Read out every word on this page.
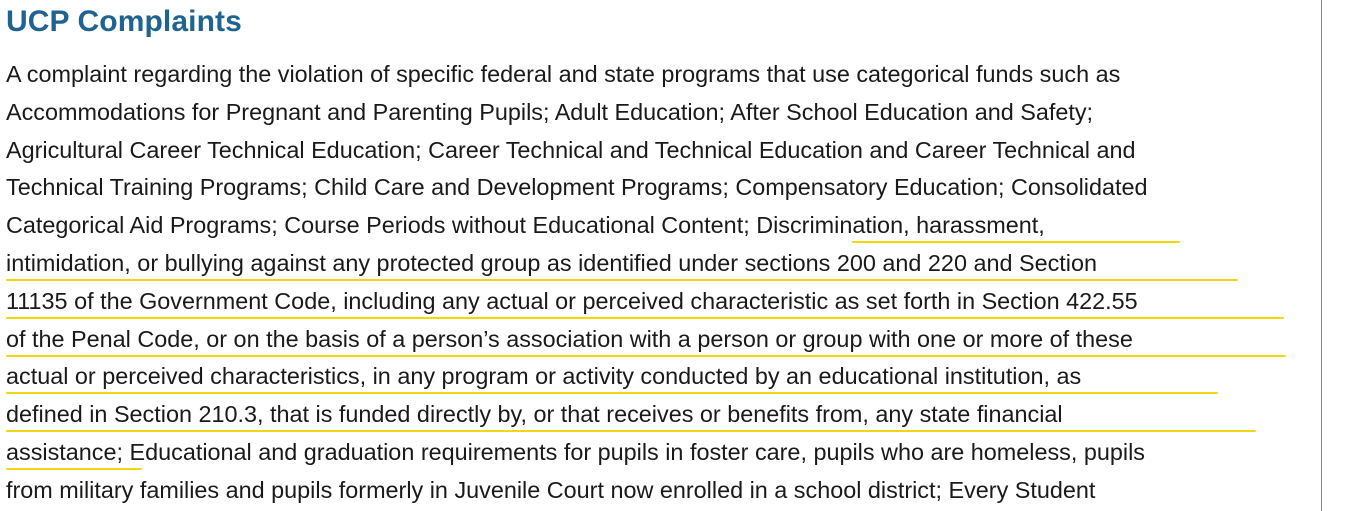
UCP Complaints
A complaint regarding the violation of specific federal and state programs that use categorical funds such as
Accommodations for Pregnant and Parenting Pupils; Adult Education; After School Education and Safety;
Agricultural Career Technical Education; Career Technical and Technical Education and Career Technical and
Technical Training Programs; Child Care and Development Programs; Compensatory Education; Consolidated
Categorical Aid Programs; Course Periods without Educational Content; Discrimination, harassment,
intimidation, or bullying against any protected group as identified under sections 200 and 220 and Section
11135 of the Government Code, including any actual or perceived characteristic as set forth in Section 422.55
of the Penal Code, or on the basis of a person’s association with a person or group with one or more of these
actual or perceived characteristics, in any program or activity conducted by an educational institution, as
defined in Section 210.3, that is funded directly by, or that receives or benefits from, any state financial
assistance; Educational and graduation requirements for pupils in foster care, pupils who are homeless, pupils
from military families and pupils formerly in Juvenile Court now enrolled in a school district; Every Student
